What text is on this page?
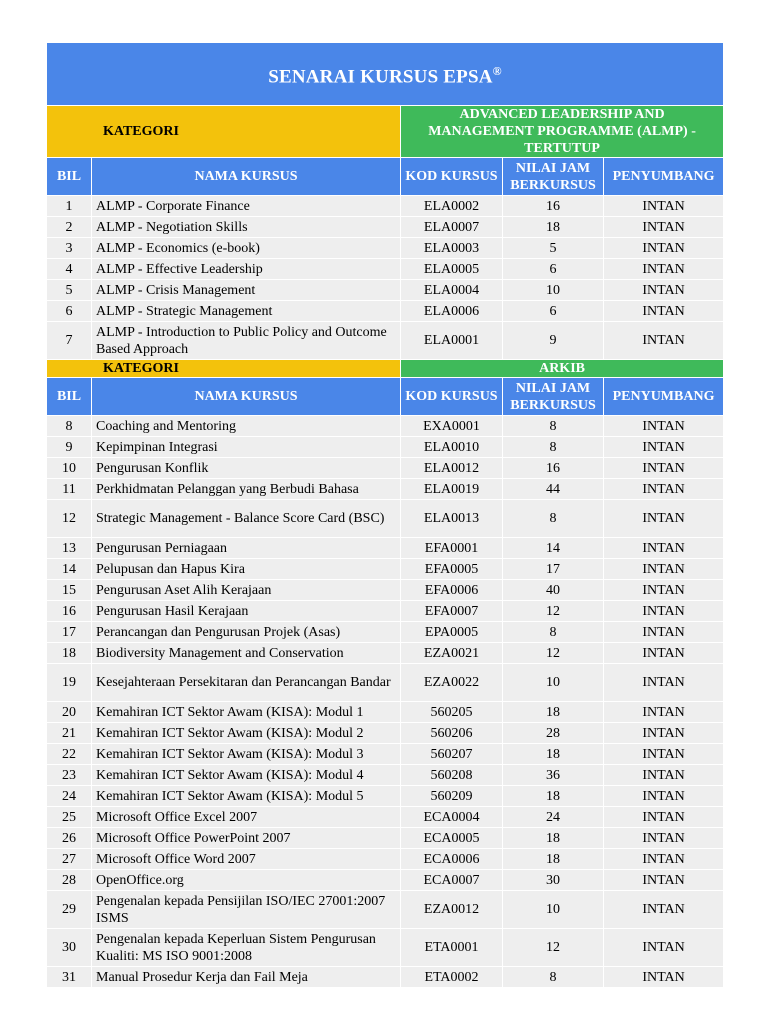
SENARAI KURSUS EPSA®
KATEGORI		ADVANCED LEADERSHIP AND MANAGEMENT PROGRAMME (ALMP) -TERTUTUP		
BIL	NAMA KURSUS	KOD KURSUS	NILAI JAM BERKURSUS	PENYUMBANG
1	ALMP - Corporate Finance	ELA0002	16	INTAN
2	ALMP - Negotiation Skills	ELA0007	18	INTAN
3	ALMP - Economics (e-book)	ELA0003	5	INTAN
4	ALMP - Effective Leadership	ELA0005	6	INTAN
5	ALMP - Crisis Management	ELA0004	10	INTAN
6	ALMP - Strategic Management	ELA0006	6	INTAN
7	ALMP - Introduction to Public Policy and Outcome Based Approach	ELA0001	9	INTAN
KATEGORI		ARKIB		
BIL	NAMA KURSUS	KOD KURSUS	NILAI JAM BERKURSUS	PENYUMBANG
8	Coaching and Mentoring	EXA0001	8	INTAN
9	Kepimpinan Integrasi	ELA0010	8	INTAN
10	Pengurusan Konflik	ELA0012	16	INTAN
11	Perkhidmatan Pelanggan yang Berbudi Bahasa	ELA0019	44	INTAN
12	Strategic Management - Balance Score Card (BSC)	ELA0013	8	INTAN
13	Pengurusan Perniagaan	EFA0001	14	INTAN
14	Pelupusan dan Hapus Kira	EFA0005	17	INTAN
15	Pengurusan Aset Alih Kerajaan	EFA0006	40	INTAN
16	Pengurusan Hasil Kerajaan	EFA0007	12	INTAN
17	Perancangan dan Pengurusan Projek (Asas)	EPA0005	8	INTAN
18	Biodiversity Management and Conservation	EZA0021	12	INTAN
19	Kesejahteraan Persekitaran dan Perancangan Bandar	EZA0022	10	INTAN
20	Kemahiran ICT Sektor Awam (KISA): Modul 1	560205	18	INTAN
21	Kemahiran ICT Sektor Awam (KISA): Modul 2	560206	28	INTAN
22	Kemahiran ICT Sektor Awam (KISA): Modul 3	560207	18	INTAN
23	Kemahiran ICT Sektor Awam (KISA): Modul 4	560208	36	INTAN
24	Kemahiran ICT Sektor Awam (KISA): Modul 5	560209	18	INTAN
25	Microsoft Office Excel 2007	ECA0004	24	INTAN
26	Microsoft Office PowerPoint 2007	ECA0005	18	INTAN
27	Microsoft Office Word 2007	ECA0006	18	INTAN
28	OpenOffice.org	ECA0007	30	INTAN
29	Pengenalan kepada Pensijilan ISO/IEC 27001:2007 ISMS	EZA0012	10	INTAN
30	Pengenalan kepada Keperluan Sistem Pengurusan Kualiti: MS ISO 9001:2008	ETA0001	12	INTAN
31	Manual Prosedur Kerja dan Fail Meja	ETA0002	8	INTAN
